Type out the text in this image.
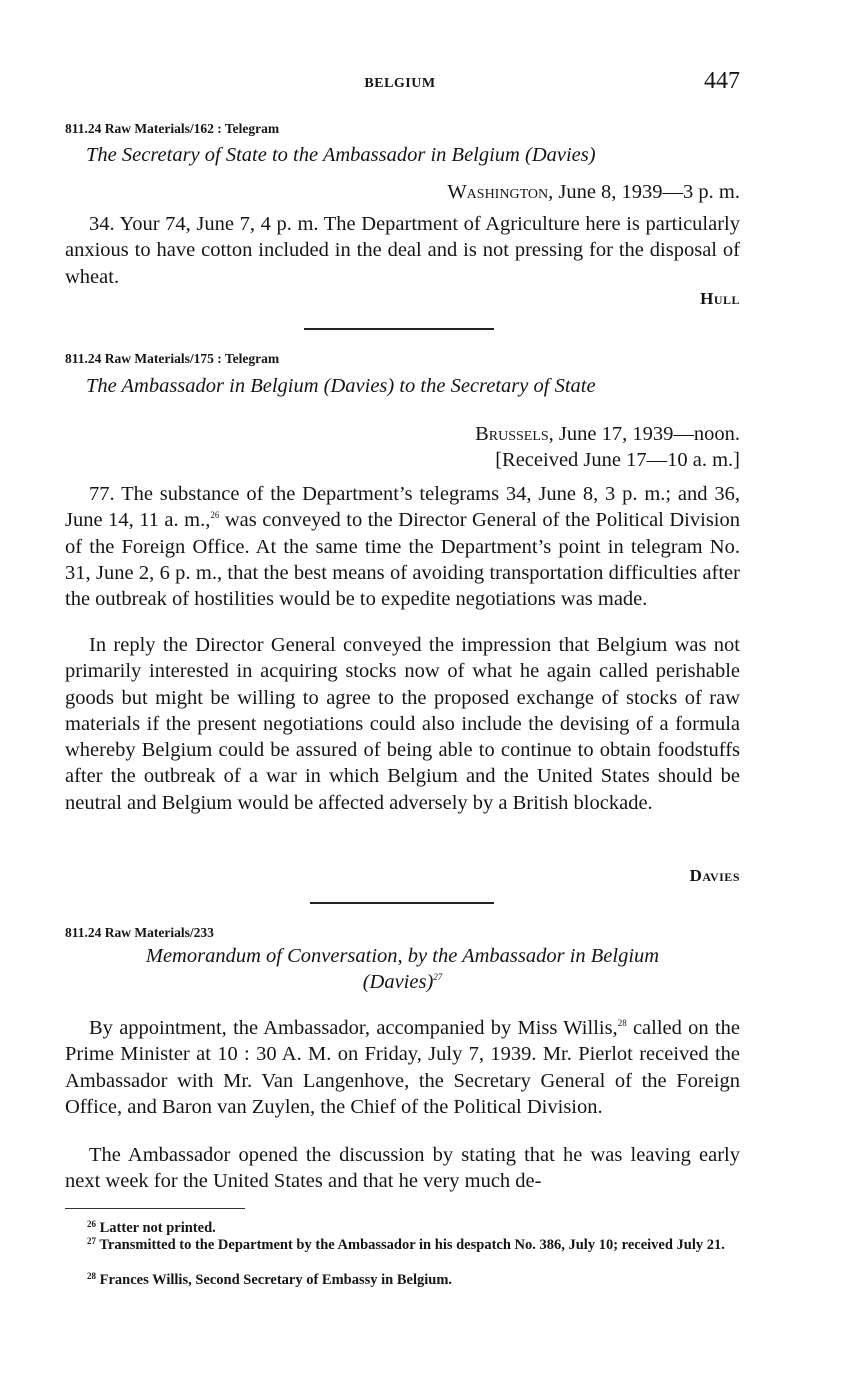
BELGIUM	447
811.24 Raw Materials/162 : Telegram
The Secretary of State to the Ambassador in Belgium (Davies)
Washington, June 8, 1939—3 p. m.

34. Your 74, June 7, 4 p. m. The Department of Agriculture here is particularly anxious to have cotton included in the deal and is not pressing for the disposal of wheat.

Hull
811.24 Raw Materials/175 : Telegram
The Ambassador in Belgium (Davies) to the Secretary of State
Brussels, June 17, 1939—noon.
[Received June 17—10 a. m.]

77. The substance of the Department’s telegrams 34, June 8, 3 p. m.; and 36, June 14, 11 a. m.,$^{26}$ was conveyed to the Director General of the Political Division of the Foreign Office. At the same time the Department’s point in telegram No. 31, June 2, 6 p. m., that the best means of avoiding transportation difficulties after the outbreak of hostilities would be to expedite negotiations was made.

In reply the Director General conveyed the impression that Belgium was not primarily interested in acquiring stocks now of what he again called perishable goods but might be willing to agree to the proposed exchange of stocks of raw materials if the present negotiations could also include the devising of a formula whereby Belgium could be assured of being able to continue to obtain foodstuffs after the outbreak of a war in which Belgium and the United States should be neutral and Belgium would be affected adversely by a British blockade.

Davies
811.24 Raw Materials/233
Memorandum of Conversation, by the Ambassador in Belgium
(Davies)$^{27}$

By appointment, the Ambassador, accompanied by Miss Willis,$^{28}$ called on the Prime Minister at 10 : 30 A. M. on Friday, July 7, 1939. Mr. Pierlot received the Ambassador with Mr. Van Langenhove, the Secretary General of the Foreign Office, and Baron van Zuylen, the Chief of the Political Division.

The Ambassador opened the discussion by stating that he was leaving early next week for the United States and that he very much de-

$^{26}$ Latter not printed.

$^{27}$ Transmitted to the Department by the Ambassador in his despatch No. 386, July 10; received July 21.

$^{28}$ Frances Willis, Second Secretary of Embassy in Belgium.
